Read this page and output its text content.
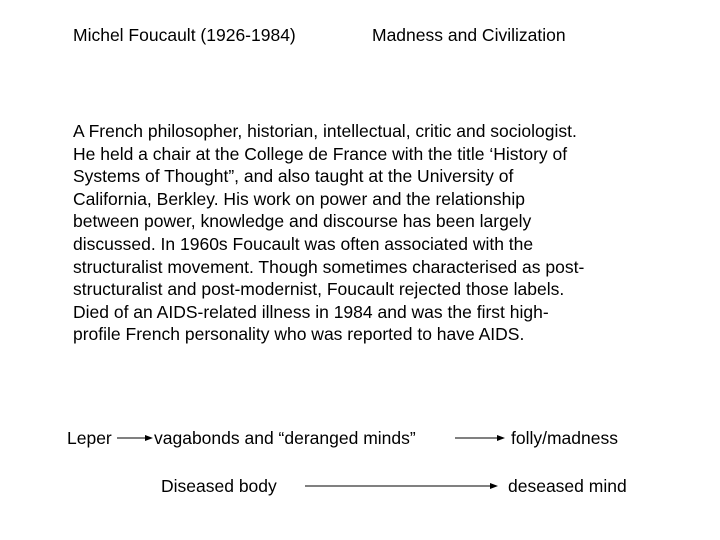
Michel Foucault (1926-1984)	Madness and Civilization
A French philosopher, historian, intellectual, critic and sociologist.
He held a chair at the College de France with the title ‘History of
Systems of Thought”, and also taught at the University of
California, Berkley. His work on power and the relationship
between power, knowledge and discourse has been largely
discussed. In 1960s Foucault was often associated with the
structuralist movement. Though sometimes characterised as post-
structuralist and post-modernist, Foucault rejected those labels.
Died of an AIDS-related illness in 1984 and was the first high-
profile French personality who was reported to have AIDS.
Leper vagabonds and “deranged minds”	folly/madness
Diseased body	deseased mind
